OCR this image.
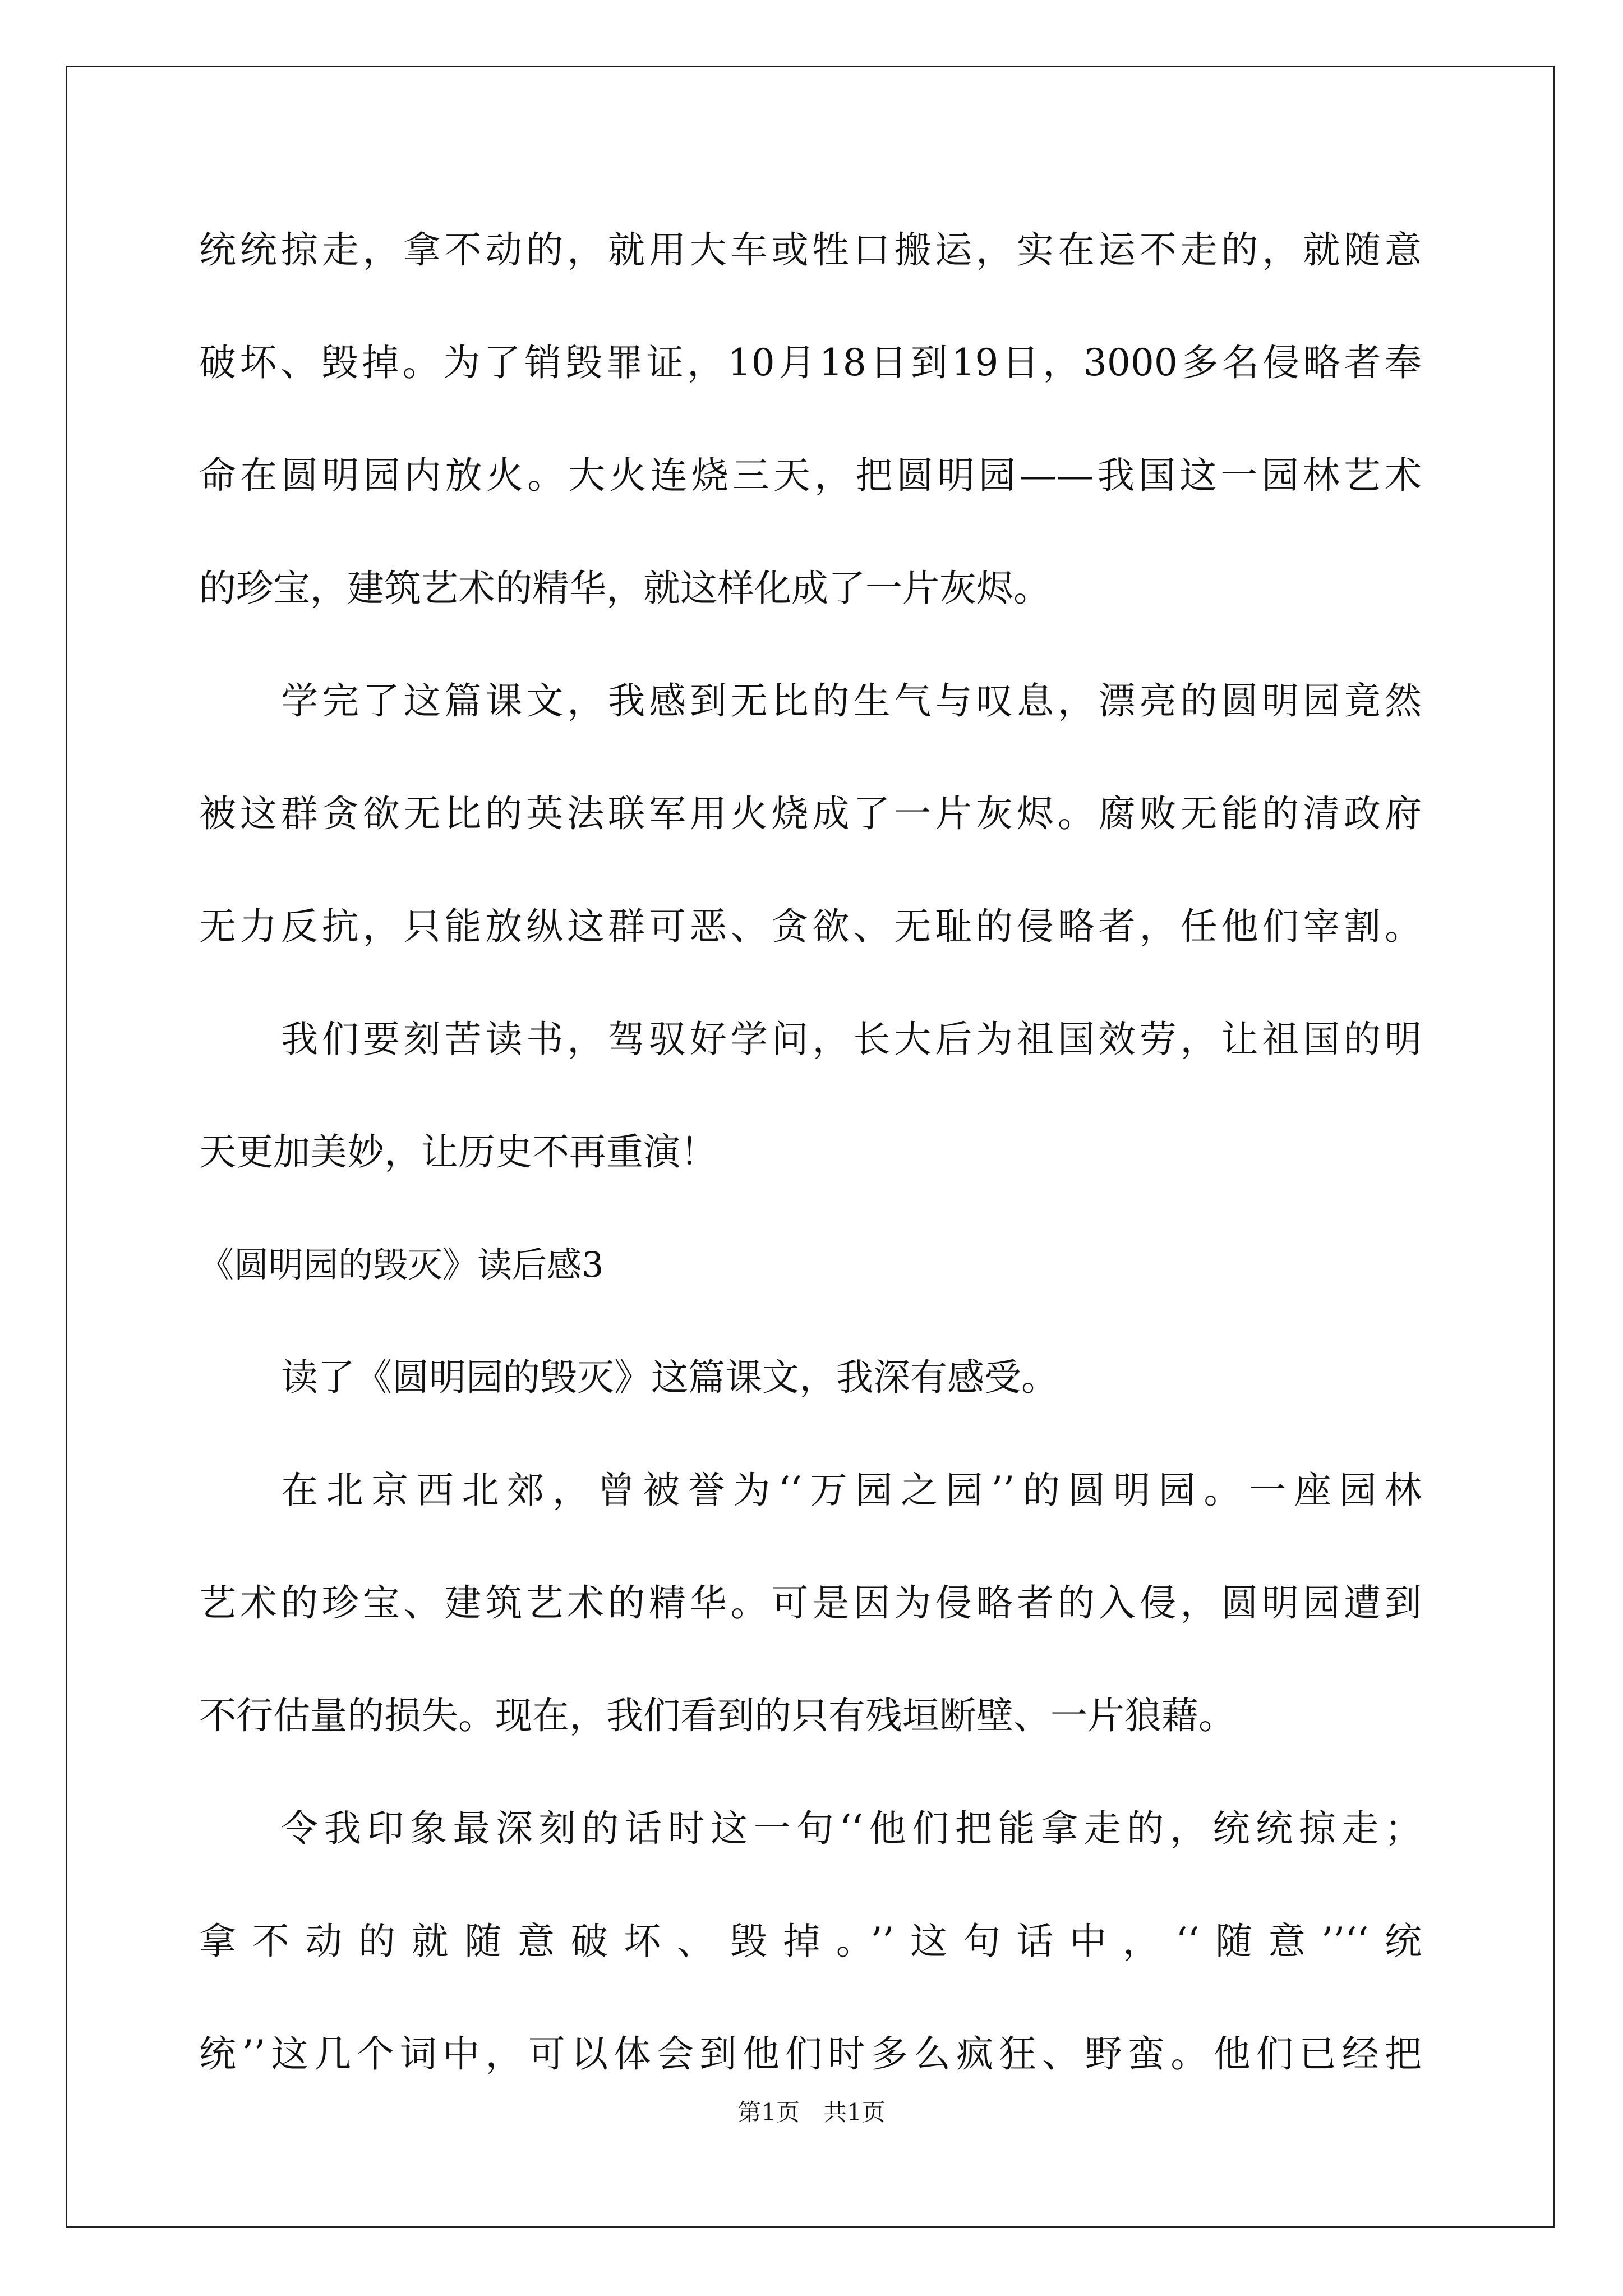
统统掠走，拿不动的，就用大车或牲口搬运，实在运不走的，就随意
破坏、毁掉。为了销毁罪证，10月18日到19日，3000多名侵略者奉
命在圆明园内放火。大火连烧三天，把圆明园——我国这一园林艺术
的珍宝，建筑艺术的精华，就这样化成了一片灰烬。
学完了这篇课文，我感到无比的生气与叹息，漂亮的圆明园竟然
被这群贪欲无比的英法联军用火烧成了一片灰烬。腐败无能的清政府
无力反抗，只能放纵这群可恶、贪欲、无耻的侵略者，任他们宰割。
我们要刻苦读书，驾驭好学问，长大后为祖国效劳，让祖国的明
天更加美妙，让历史不再重演！
《圆明园的毁灭》读后感3
读了《圆明园的毁灭》这篇课文，我深有感受。
在北京西北郊，曾被誉为‘‘万园之园’’的圆明园。一座园林
艺术的珍宝、建筑艺术的精华。可是因为侵略者的入侵，圆明园遭到
不行估量的损失。现在，我们看到的只有残垣断壁、一片狼藉。
令我印象最深刻的话时这一句‘‘他们把能拿走的，统统掠走；
拿不动的就随意破坏、毁掉。’’这句话中，‘‘随意’’‘‘统
统’’这几个词中，可以体会到他们时多么疯狂、野蛮。他们已经把
第1页　共1页
